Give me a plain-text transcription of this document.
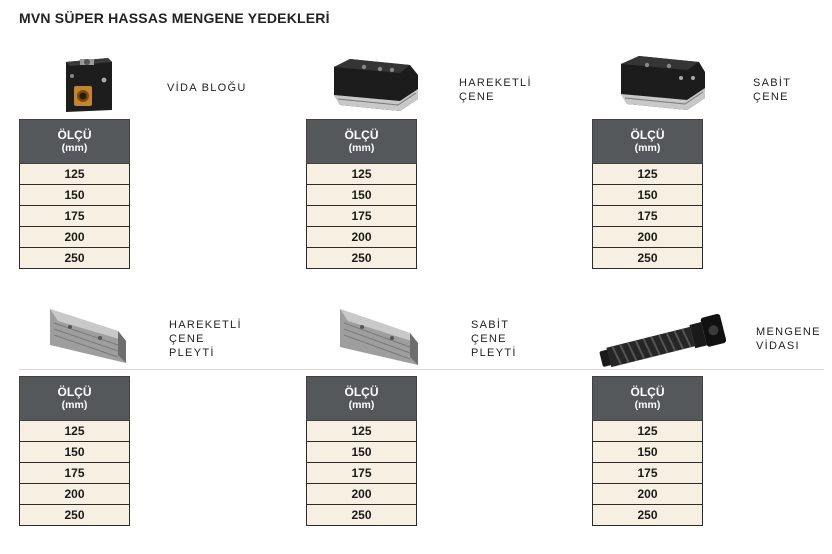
MVN SÜPER HASSAS MENGENE YEDEKLERİ
VİDA BLOĞU
ÖLÇÜ
(mm)

125
150
175
200
250
HAREKETLİ
ÇENE
ÖLÇÜ
(mm)

125
150
175
200
250
SABİT
ÇENE
ÖLÇÜ
(mm)

125
150
175
200
250
HAREKETLİ
ÇENE
PLEYTİ
ÖLÇÜ
(mm)

125
150
175
200
250
SABİT
ÇENE
PLEYTİ
ÖLÇÜ
(mm)

125
150
175
200
250
MENGENE
VİDASI
ÖLÇÜ
(mm)

125
150
175
200
250
